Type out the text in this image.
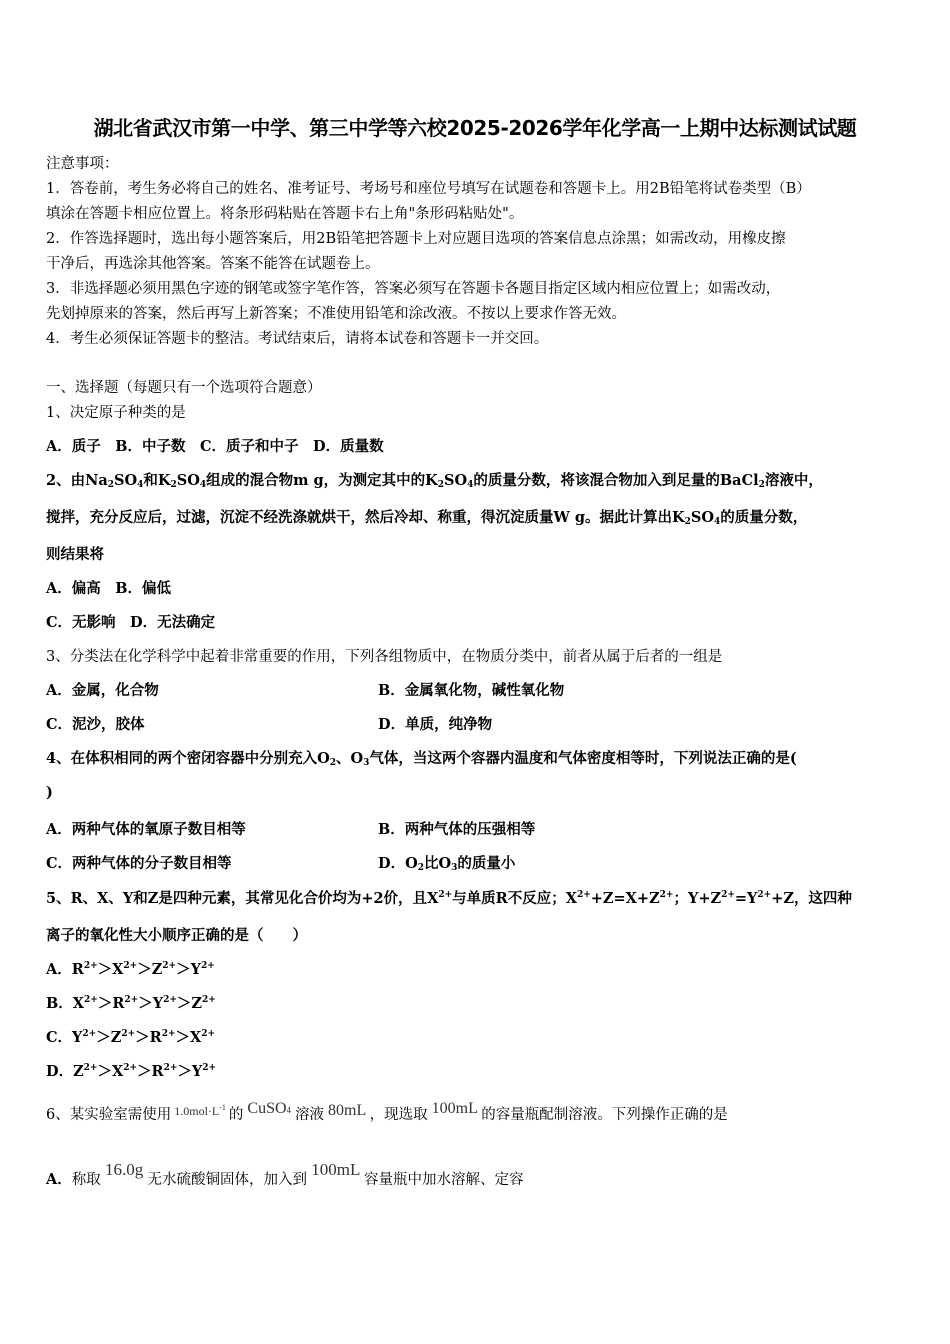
湖北省武汉市第一中学、第三中学等六校2025-2026学年化学高一上期中达标测试试题
注意事项：
1．答卷前，考生务必将自己的姓名、准考证号、考场号和座位号填写在试题卷和答题卡上。用2B铅笔将试卷类型（B）
填涂在答题卡相应位置上。将条形码粘贴在答题卡右上角"条形码粘贴处"。
2．作答选择题时，选出每小题答案后，用2B铅笔把答题卡上对应题目选项的答案信息点涂黑；如需改动，用橡皮擦
干净后，再选涂其他答案。答案不能答在试题卷上。
3．非选择题必须用黑色字迹的钢笔或签字笔作答，答案必须写在答题卡各题目指定区域内相应位置上；如需改动，
先划掉原来的答案，然后再写上新答案；不准使用铅笔和涂改液。不按以上要求作答无效。
4．考生必须保证答题卡的整洁。考试结束后，请将本试卷和答题卡一并交回。
一、选择题（每题只有一个选项符合题意）
1、决定原子种类的是
A．质子　B．中子数　C．质子和中子　D．质量数
2、由$Na_2SO_4$和$K_2SO_4$组成的混合物m g，为测定其中的$K_2SO_4$的质量分数，将该混合物加入到足量的BaCl$_2$溶液中，
搅拌，充分反应后，过滤，沉淀不经洗涤就烘干，然后冷却、称重，得沉淀质量W g。据此计算出$K_2SO_4$的质量分数，
则结果将
A．偏高　B．偏低
C．无影响　D．无法确定
3、分类法在化学科学中起着非常重要的作用，下列各组物质中，在物质分类中，前者从属于后者的一组是
A．金属，化合物	B．金属氧化物，碱性氧化物
C．泥沙，胶体	D．单质，纯净物
4、在体积相同的两个密闭容器中分别充入$O_2$、$O_3$气体，当这两个容器内温度和气体密度相等时，下列说法正确的是(
)
A．两种气体的氧原子数目相等	B．两种气体的压强相等
C．两种气体的分子数目相等	D．$O_2$比$O_3$的质量小
5、R、X、Y和Z是四种元素，其常见化合价均为+2价，且$X^{2+}$与单质R不反应；$X^{2+}+Z=X+Z^{2+}$；$Y+Z^{2+}=Y^{2+}+Z$，这四种
离子的氧化性大小顺序正确的是（　　）
A．$R^{2+}>X^{2+}>Z^{2+}>Y^{2+}$
B．$X^{2+}>R^{2+}>Y^{2+}>Z^{2+}$
C．$Y^{2+}>Z^{2+}>R^{2+}>X^{2+}$
D．$Z^{2+}>X^{2+}>R^{2+}>Y^{2+}$
6、某实验室需使用 $^{1.0mol\cdot L^{-1}}$ 的 CuSO4 溶液 80mL ，现选取 100mL 的容量瓶配制溶液。下列操作正确的是
A．称取 16.0g 无水硫酸铜固体，加入到 100mL 容量瓶中加水溶解、定容
